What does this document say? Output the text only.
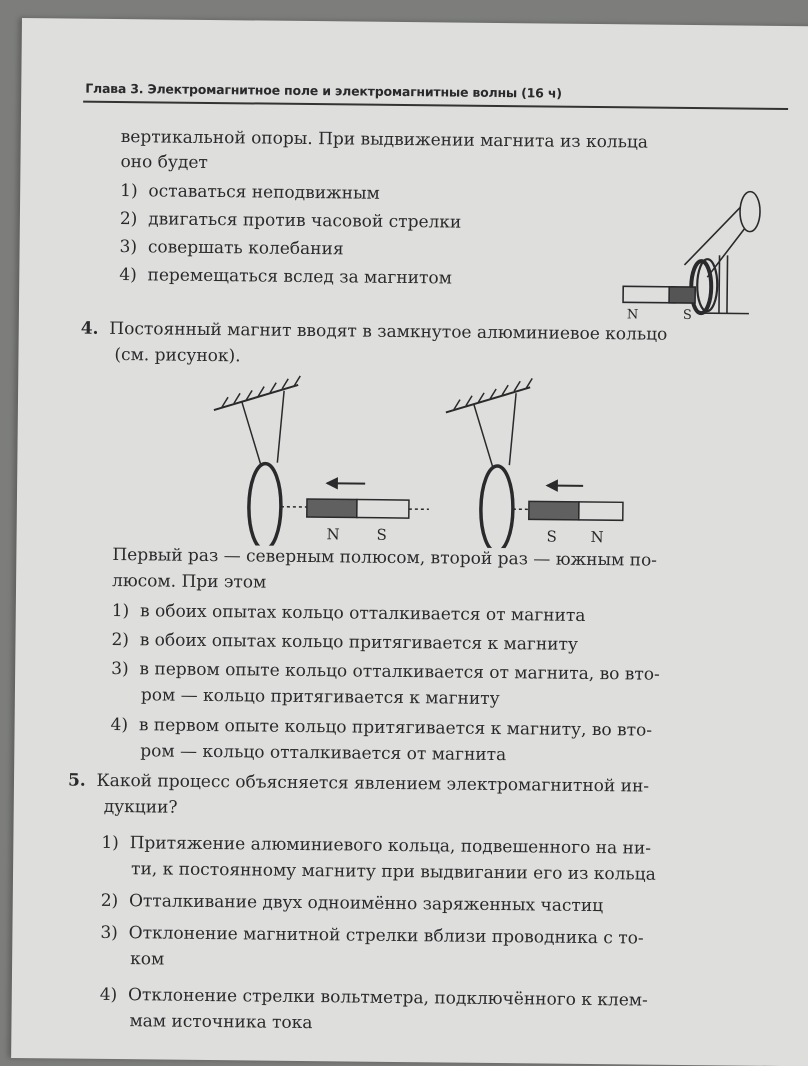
Глава 3. Электромагнитное поле и электромагнитные волны (16 ч)
вертикальной опоры. При выдвижении магнита из кольца
оно будет
1) оставаться неподвижным
2) двигаться против часовой стрелки
3) совершать колебания
4) перемещаться вслед за магнитом
N	S
4. Постоянный магнит вводят в замкнутое алюминиевое кольцо
(см. рисунок).
N S	S N
Первый раз — северным полюсом, второй раз — южным по-
люсом. При этом
1) в обоих опытах кольцо отталкивается от магнита
2) в обоих опытах кольцо притягивается к магниту
3) в первом опыте кольцо отталкивается от магнита, во вто-
ром — кольцо притягивается к магниту
4) в первом опыте кольцо притягивается к магниту, во вто-
ром — кольцо отталкивается от магнита
5. Какой процесс объясняется явлением электромагнитной ин-
дукции?
1) Притяжение алюминиевого кольца, подвешенного на ни-
ти, к постоянному магниту при выдвигании его из кольца
2) Отталкивание двух одноимённо заряженных частиц
3) Отклонение магнитной стрелки вблизи проводника с то-
ком
4) Отклонение стрелки вольтметра, подключённого к клем-
мам источника тока
